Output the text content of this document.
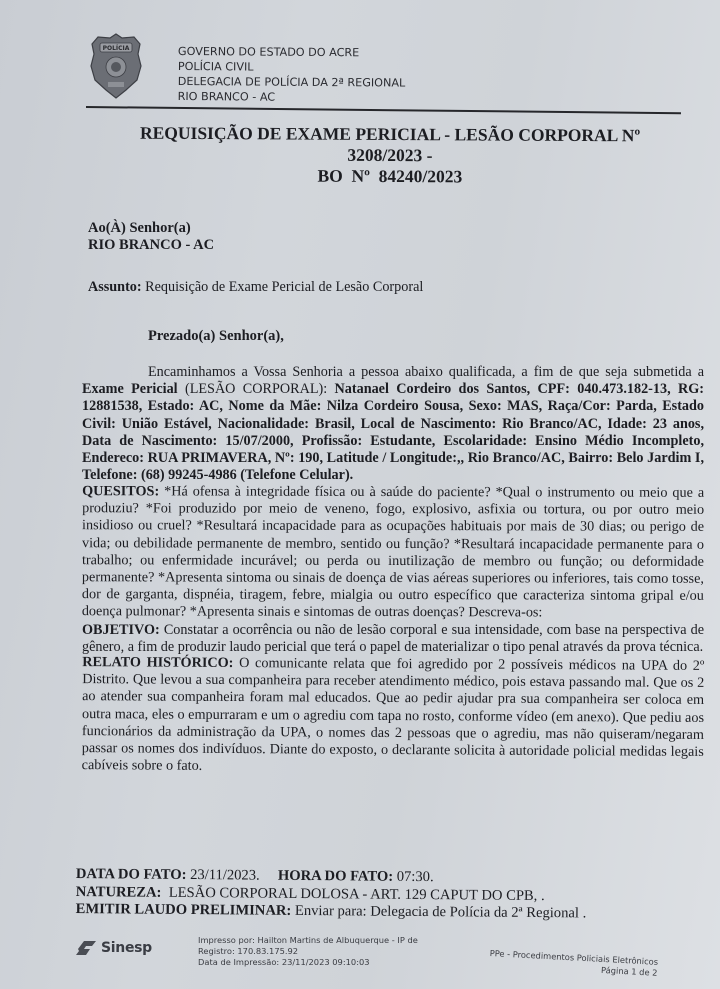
POLÍCIA	GOVERNO DO ESTADO DO ACRE
POLÍCIA CIVIL
DELEGACIA DE POLÍCIA DA 2ª REGIONAL
RIO BRANCO - AC
REQUISIÇÃO DE EXAME PERICIAL - LESÃO CORPORAL Nº
3208/2023 -
BO  Nº  84240/2023
Ao(À) Senhor(a)
RIO BRANCO - AC
Assunto: Requisição de Exame Pericial de Lesão Corporal
Prezado(a) Senhor(a),

Encaminhamos a Vossa Senhoria a pessoa abaixo qualificada, a fim de que seja submetida a Exame Pericial (LESÃO CORPORAL): Natanael Cordeiro dos Santos, CPF: 040.473.182-13, RG: 12881538, Estado: AC, Nome da Mãe: Nilza Cordeiro Sousa, Sexo: MAS, Raça/Cor: Parda, Estado Civil: União Estável, Nacionalidade: Brasil, Local de Nascimento: Rio Branco/AC, Idade: 23 anos, Data de Nascimento: 15/07/2000, Profissão: Estudante, Escolaridade: Ensino Médio Incompleto, Endereco: RUA PRIMAVERA, Nº: 190, Latitude / Longitude:,, Rio Branco/AC, Bairro: Belo Jardim I, Telefone: (68) 99245-4986 (Telefone Celular).

QUESITOS: *Há ofensa à integridade física ou à saúde do paciente? *Qual o instrumento ou meio que a produziu? *Foi produzido por meio de veneno, fogo, explosivo, asfixia ou tortura, ou por outro meio insidioso ou cruel? *Resultará incapacidade para as ocupações habituais por mais de 30 dias; ou perigo de vida; ou debilidade permanente de membro, sentido ou função? *Resultará incapacidade permanente para o trabalho; ou enfermidade incurável; ou perda ou inutilização de membro ou função; ou deformidade permanente? *Apresenta sintoma ou sinais de doença de vias aéreas superiores ou inferiores, tais como tosse, dor de garganta, dispnéia, tiragem, febre, mialgia ou outro específico que caracteriza sintoma gripal e/ou doença pulmonar? *Apresenta sinais e sintomas de outras doenças? Descreva-os:

OBJETIVO: Constatar a ocorrência ou não de lesão corporal e sua intensidade, com base na perspectiva de gênero, a fim de produzir laudo pericial que terá o papel de materializar o tipo penal através da prova técnica.

RELATO HISTÓRICO: O comunicante relata que foi agredido por 2 possíveis médicos na UPA do 2º Distrito. Que levou a sua companheira para receber atendimento médico, pois estava passando mal. Que os 2 ao atender sua companheira foram mal educados. Que ao pedir ajudar pra sua companheira ser coloca em outra maca, eles o empurraram e um o agrediu com tapa no rosto, conforme vídeo (em anexo). Que pediu aos funcionários da administração da UPA, o nomes das 2 pessoas que o agrediu, mas não quiseram/negaram passar os nomes dos indivíduos. Diante do exposto, o declarante solicita à autoridade policial medidas legais cabíveis sobre o fato.

DATA DO FATO: 23/11/2023. HORA DO FATO: 07:30.
NATUREZA:  LESÃO CORPORAL DOLOSA - ART. 129 CAPUT DO CPB, .
EMITIR LAUDO PRELIMINAR: Enviar para: Delegacia de Polícia da 2ª Regional .
Sinesp	Impresso por: Hailton Martins de Albuquerque - IP de
Registro: 170.83.175.92
Data de Impressão: 23/11/2023 09:10:03	PPe - Procedimentos Policiais Eletrônicos
Página 1 de 2
